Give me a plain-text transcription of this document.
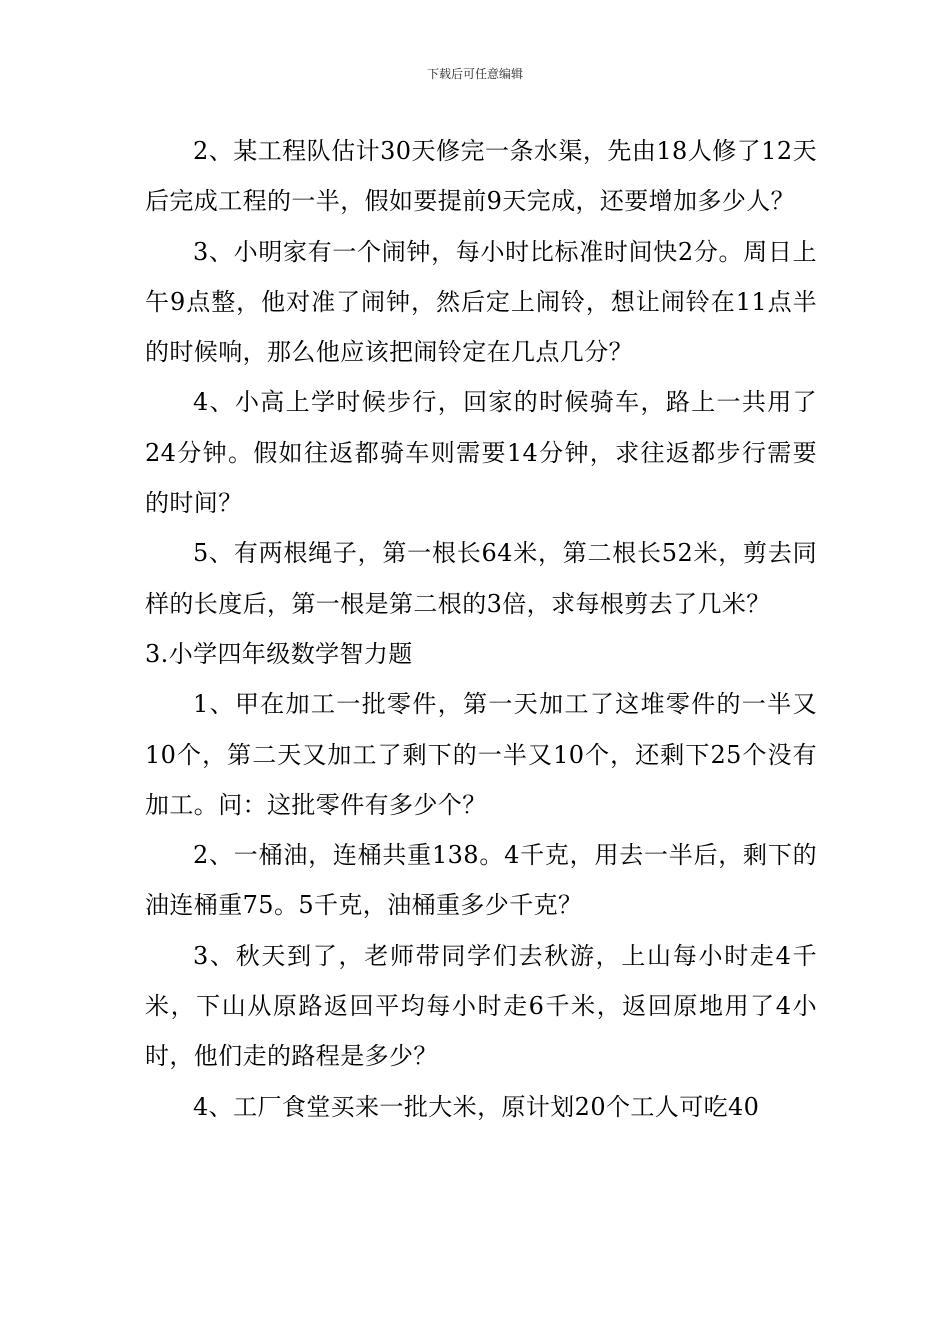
下载后可任意编辑

2、某工程队估计30天修完一条水渠，先由18人修了12天后完成工程的一半，假如要提前9天完成，还要增加多少人？

3、小明家有一个闹钟，每小时比标准时间快2分。周日上午9点整，他对准了闹钟，然后定上闹铃，想让闹铃在11点半的时候响，那么他应该把闹铃定在几点几分？

4、小高上学时候步行，回家的时候骑车，路上一共用了24分钟。假如往返都骑车则需要14分钟，求往返都步行需要的时间？

5、有两根绳子，第一根长64米，第二根长52米，剪去同样的长度后，第一根是第二根的3倍，求每根剪去了几米？

3.小学四年级数学智力题

1、甲在加工一批零件，第一天加工了这堆零件的一半又10个，第二天又加工了剩下的一半又10个，还剩下25个没有加工。问：这批零件有多少个？

2、一桶油，连桶共重138。4千克，用去一半后，剩下的油连桶重75。5千克，油桶重多少千克？

3、秋天到了，老师带同学们去秋游，上山每小时走4千米，下山从原路返回平均每小时走6千米，返回原地用了4小时，他们走的路程是多少？

4、工厂食堂买来一批大米，原计划20个工人可吃40
